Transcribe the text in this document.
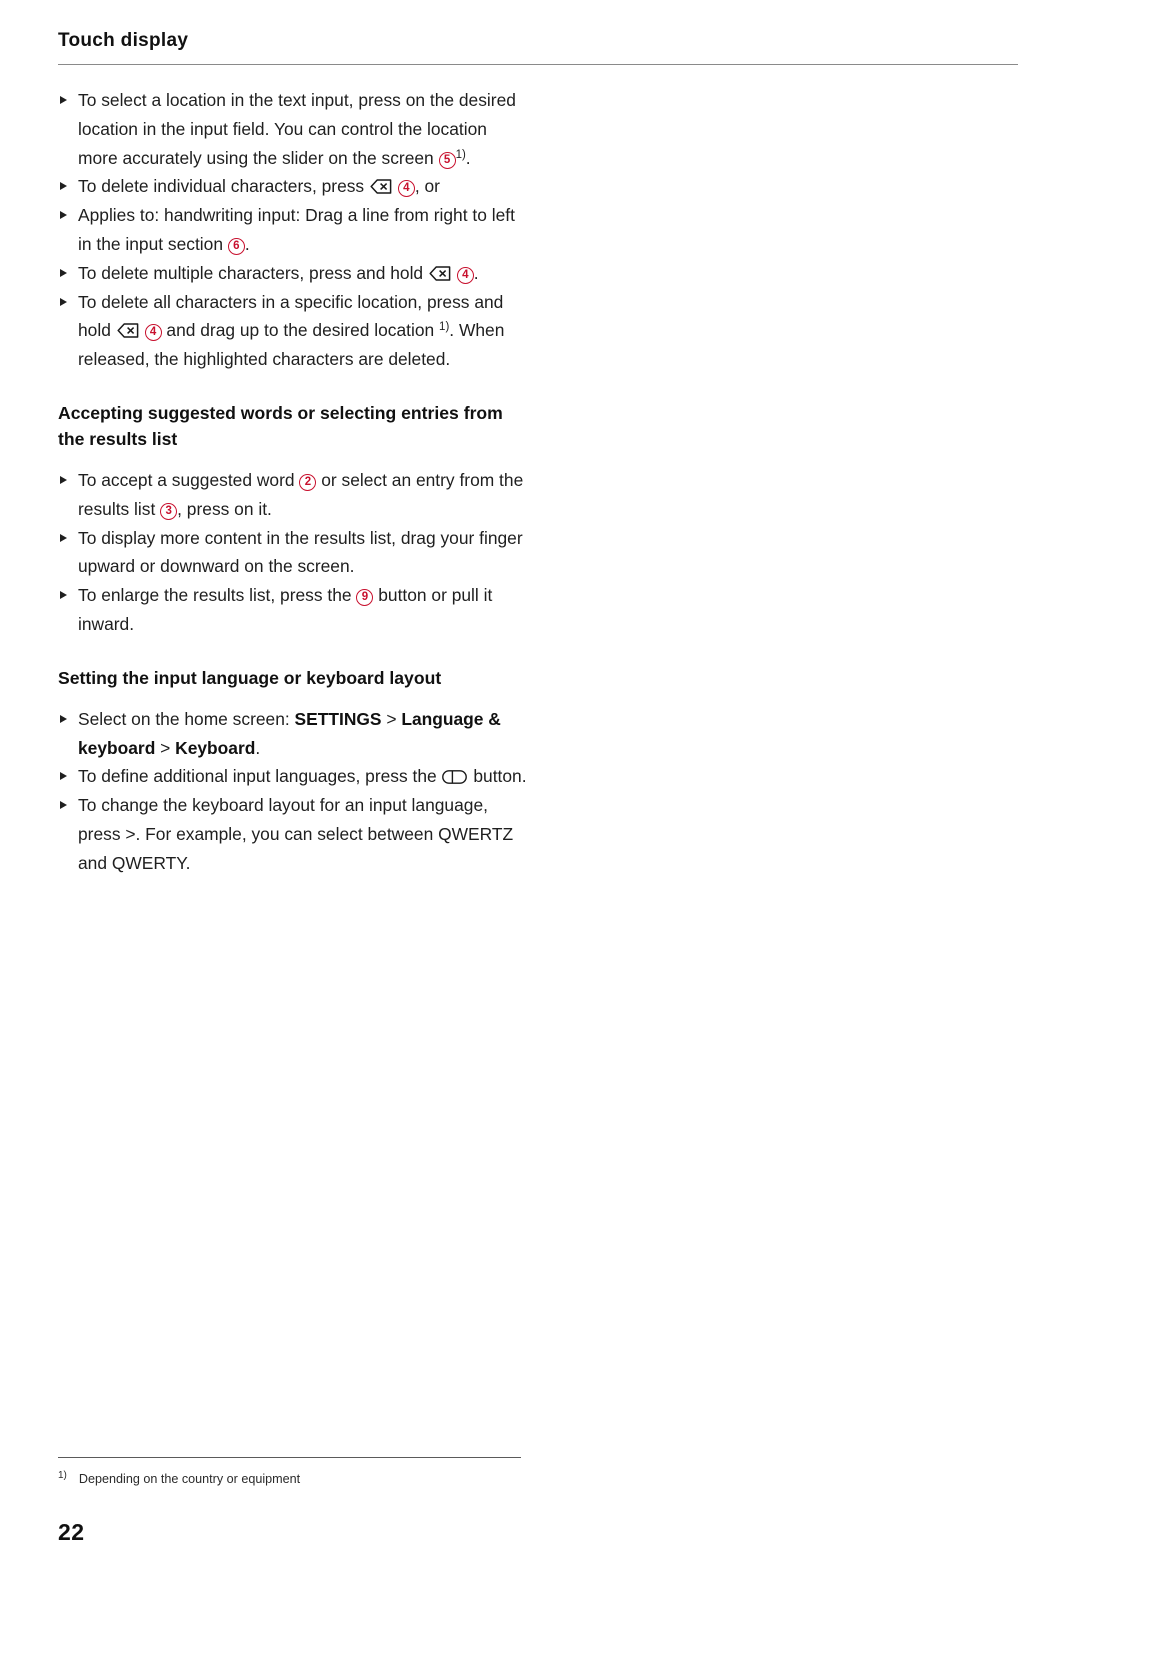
Touch display
To select a location in the text input, press on the desired location in the input field. You can control the location more accurately using the slider on the screen 5 $^{1)}$.
To delete individual characters, press	4 , or
Applies to: handwriting input: Drag a line from right to left in the input section 6 .
To delete multiple characters, press and hold	4 .
To delete all characters in a specific location, press and hold	4 and drag up to the desired location $^{1)}$. When released, the highlighted characters are deleted.
Accepting suggested words or selecting entries from the results list
To accept a suggested word 2 or select an entry from the results list 3 , press on it.
To display more content in the results list, drag your finger upward or downward on the screen.
To enlarge the results list, press the 9 button or pull it inward.
Setting the input language or keyboard layout
Select on the home screen: SETTINGS > Language & keyboard > Keyboard.
To define additional input languages, press the
button.
To change the keyboard layout for an input language, press >. For example, you can select between QWERTZ and QWERTY.
$^{1)}$ Depending on the country or equipment
22
